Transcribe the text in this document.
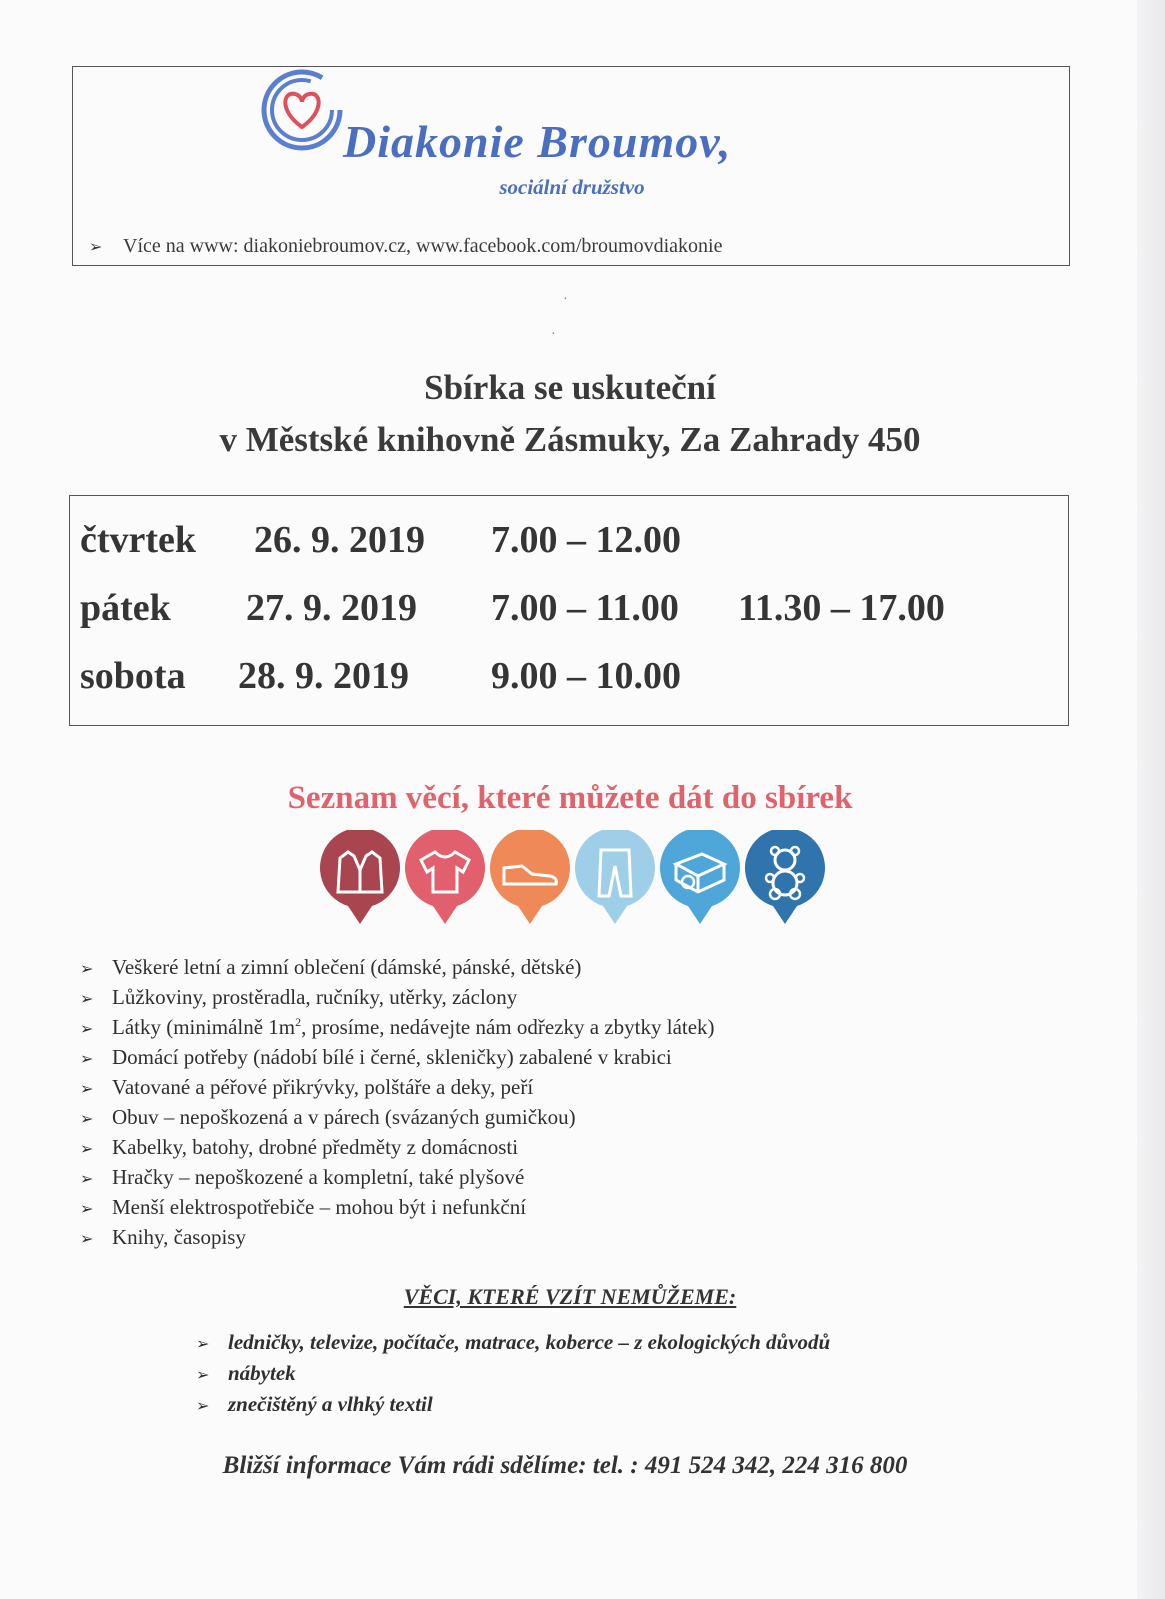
Diakonie Broumov,
sociální družstvo
➢ Více na www: diakoniebroumov.cz, www.facebook.com/broumovdiakonie
·
·
Sbírka se uskuteční
v Městské knihovně Zásmuky, Za Zahrady 450
čtvrtek 26. 9. 2019 7.00 – 12.00
pátek 27. 9. 2019 7.00 – 11.00 11.30 – 17.00
sobota 28. 9. 2019 9.00 – 10.00
Seznam věcí, které můžete dát do sbírek
➢ Veškeré letní a zimní oblečení (dámské, pánské, dětské)
➢ Lůžkoviny, prostěradla, ručníky, utěrky, záclony
➢ Látky (minimálně $1m^2$, prosíme, nedávejte nám odřezky a zbytky látek)
➢ Domácí potřeby (nádobí bílé i černé, skleničky) zabalené v krabici
➢ Vatované a péřové přikrývky, polštáře a deky, peří
➢ Obuv – nepoškozená a v párech (svázaných gumičkou)
➢ Kabelky, batohy, drobné předměty z domácnosti
➢ Hračky – nepoškozené a kompletní, také plyšové
➢ Menší elektrospotřebiče – mohou být i nefunkční
➢ Knihy, časopisy
VĚCI, KTERÉ VZÍT NEMŮŽEME:
➢ ledničky, televize, počítače, matrace, koberce – z ekologických důvodů
➢ nábytek
➢ znečištěný a vlhký textil
Bližší informace Vám rádi sdělíme: tel. : 491 524 342, 224 316 800
